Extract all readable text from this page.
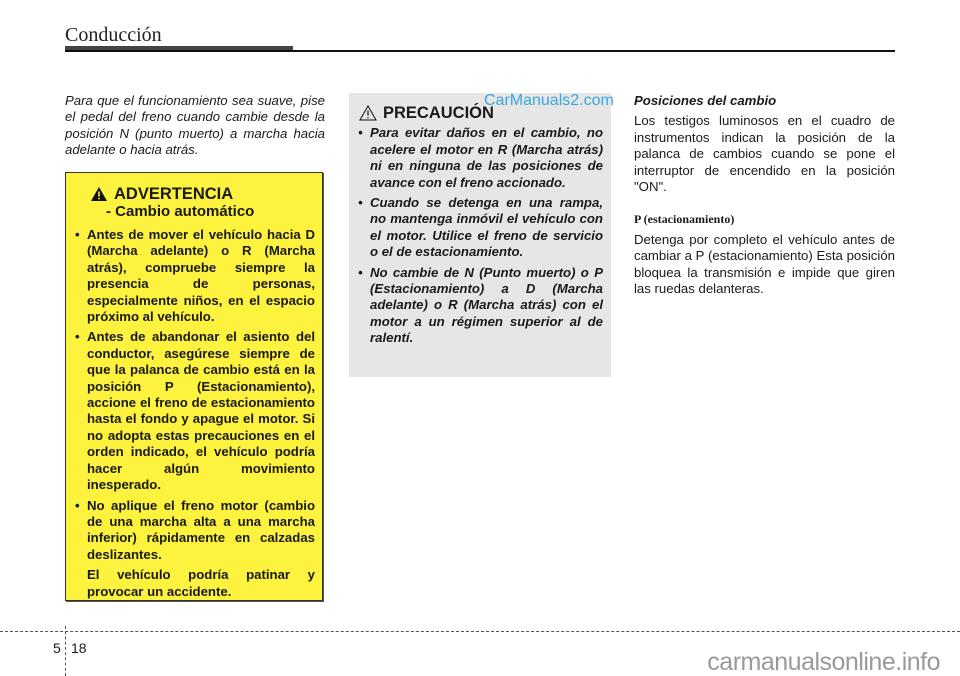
Conducción
Para que el funcionamiento sea suave, pise el pedal del freno cuando cambie desde la posición N (punto muerto) a marcha hacia adelante o hacia atrás.
ADVERTENCIA
- Cambio automático
• Antes de mover el vehículo hacia D (Marcha adelante) o R (Marcha atrás), compruebe siempre la presencia de personas, especialmente niños, en el espacio próximo al vehículo.
• Antes de abandonar el asiento del conductor, asegúrese siempre de que la palanca de cambio está en la posición P (Estacionamiento), accione el freno de estacionamiento hasta el fondo y apague el motor. Si no adopta estas precauciones en el orden indicado, el vehículo podría hacer algún movimiento inesperado.
• No aplique el freno motor (cambio de una marcha alta a una marcha inferior) rápidamente en calzadas deslizantes.

El vehículo podría patinar y provocar un accidente.

PRECAUCIÓN
• Para evitar daños en el cambio, no acelere el motor en R (Marcha atrás) ni en ninguna de las posiciones de avance con el freno accionado.
• Cuando se detenga en una rampa, no mantenga inmóvil el vehículo con el motor. Utilice el freno de servicio o el de estacionamiento.
• No cambie de N (Punto muerto) o P (Estacionamiento) a D (Marcha adelante) o R (Marcha atrás) con el motor a un régimen superior al de ralentí.
CarManuals2.com Posiciones del cambio

Los testigos luminosos en el cuadro de instrumentos indican la posición de la palanca de cambios cuando se pone el interruptor de encendido en la posición "ON".

P (estacionamiento)

Detenga por completo el vehículo antes de cambiar a P (estacionamiento) Esta posición bloquea la transmisión e impide que giren las ruedas delanteras.

5 18	carmanualsonline.info
